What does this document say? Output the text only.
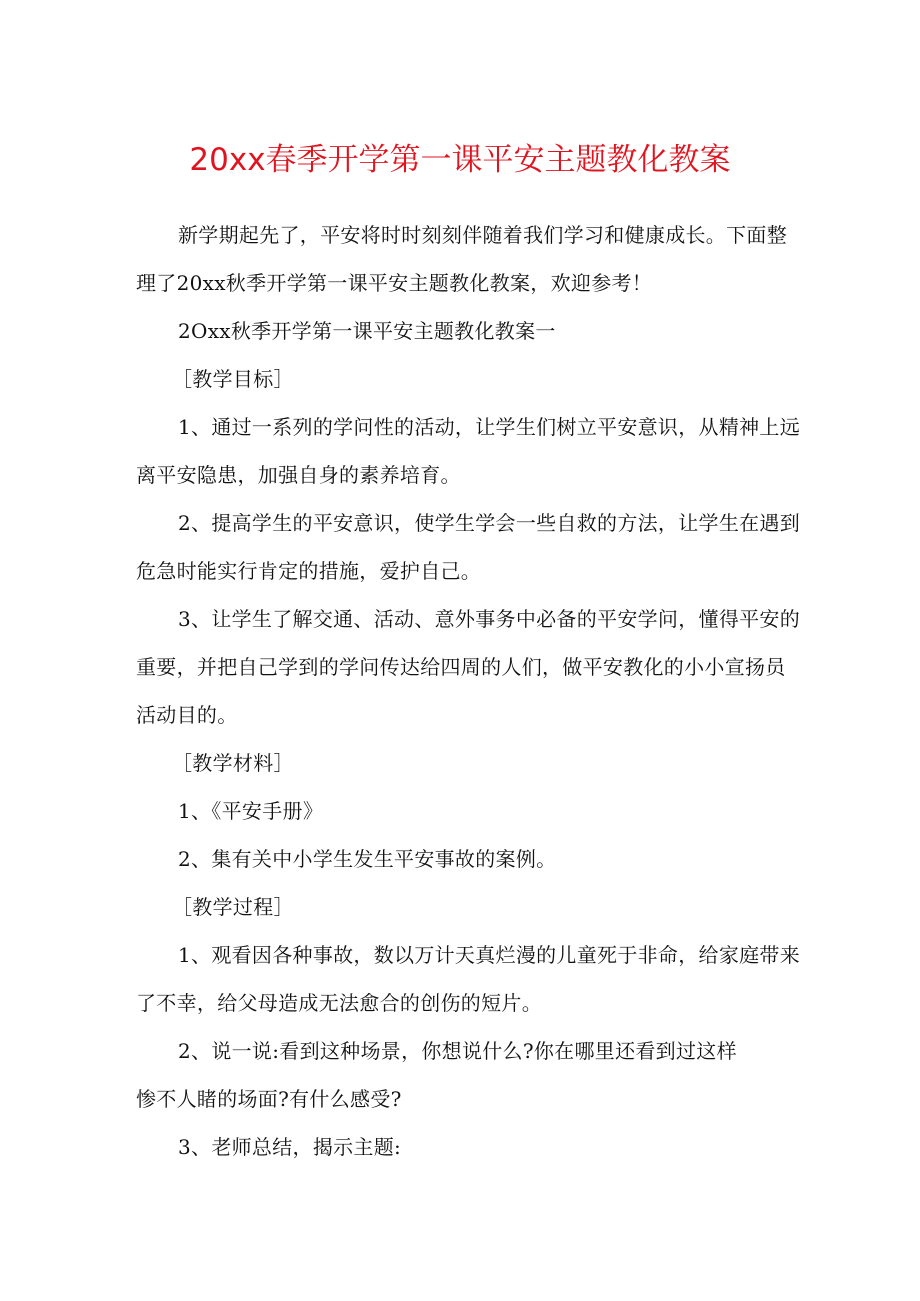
20xx春季开学第一课平安主题教化教案
新学期起先了，平安将时时刻刻伴随着我们学习和健康成长。下面整
理了20xx秋季开学第一课平安主题教化教案，欢迎参考！
2Oxx秋季开学第一课平安主题教化教案一
［教学目标］
1、通过一系列的学问性的活动，让学生们树立平安意识，从精神上远
离平安隐患，加强自身的素养培育。
2、提高学生的平安意识，使学生学会一些自救的方法，让学生在遇到
危急时能实行肯定的措施，爱护自己。
3、让学生了解交通、活动、意外事务中必备的平安学问，懂得平安的
重要，并把自己学到的学问传达给四周的人们，做平安教化的小小宣扬员
活动目的。
［教学材料］
1、《平安手册》
2、集有关中小学生发生平安事故的案例。
［教学过程］
1、观看因各种事故，数以万计天真烂漫的儿童死于非命，给家庭带来
了不幸，给父母造成无法愈合的创伤的短片。
2、说一说:看到这种场景，你想说什么?你在哪里还看到过这样
惨不人睹的场面?有什么感受?
3、老师总结，揭示主题:
